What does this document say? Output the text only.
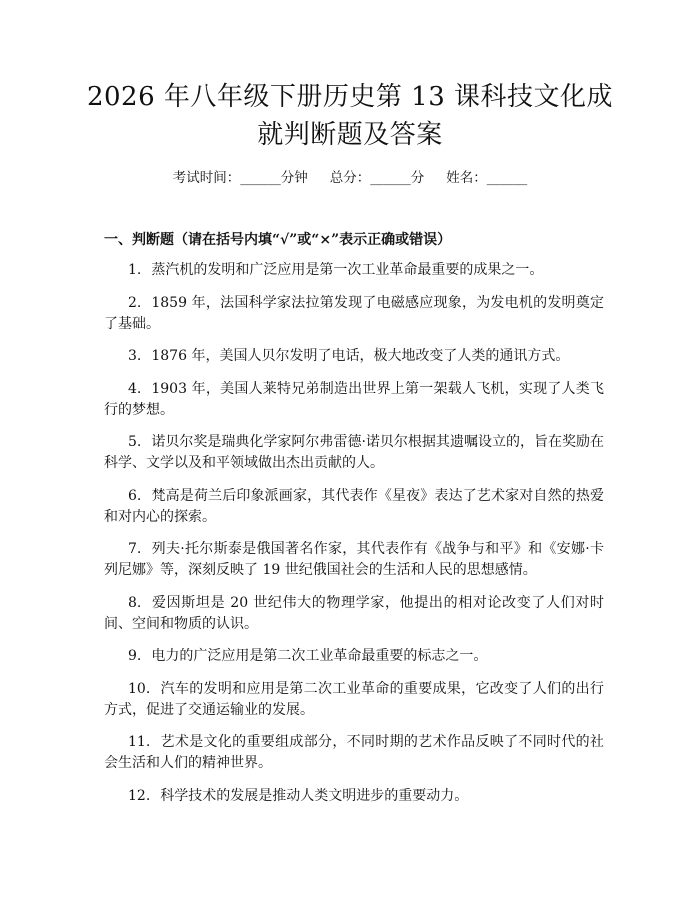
2026 年八年级下册历史第 13 课科技文化成
就判断题及答案
考试时间：______分钟 总分：______分 姓名：______
一、判断题（请在括号内填“√”或“×”表示正确或错误）
1. 蒸汽机的发明和广泛应用是第一次工业革命最重要的成果之一。
2. 1859 年，法国科学家法拉第发现了电磁感应现象，为发电机的发明奠定了基础。
3. 1876 年，美国人贝尔发明了电话，极大地改变了人类的通讯方式。
4. 1903 年，美国人莱特兄弟制造出世界上第一架载人飞机，实现了人类飞行的梦想。
5. 诺贝尔奖是瑞典化学家阿尔弗雷德·诺贝尔根据其遗嘱设立的，旨在奖励在科学、文学以及和平领域做出杰出贡献的人。
6. 梵高是荷兰后印象派画家，其代表作《星夜》表达了艺术家对自然的热爱和对内心的探索。
7. 列夫·托尔斯泰是俄国著名作家，其代表作有《战争与和平》和《安娜·卡列尼娜》等，深刻反映了 19 世纪俄国社会的生活和人民的思想感情。
8. 爱因斯坦是 20 世纪伟大的物理学家，他提出的相对论改变了人们对时间、空间和物质的认识。
9. 电力的广泛应用是第二次工业革命最重要的标志之一。
10. 汽车的发明和应用是第二次工业革命的重要成果，它改变了人们的出行方式，促进了交通运输业的发展。
11. 艺术是文化的重要组成部分，不同时期的艺术作品反映了不同时代的社会生活和人们的精神世界。
12. 科学技术的发展是推动人类文明进步的重要动力。
